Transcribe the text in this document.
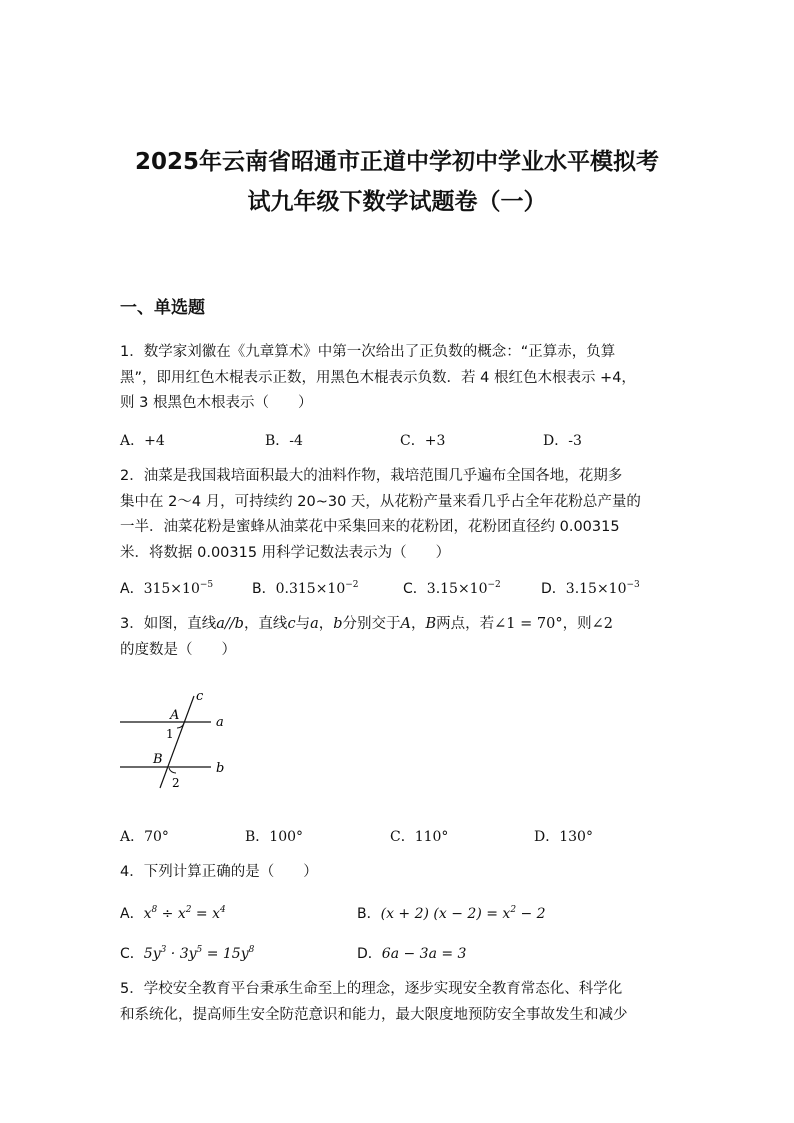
2025年云南省昭通市正道中学初中学业水平模拟考
试九年级下数学试题卷（一）
一、单选题
1．数学家刘徽在《九章算术》中第一次给出了正负数的概念：“正算赤，负算
黑”，即用红色木棍表示正数，用黑色木棍表示负数．若 4 根红色木根表示 +4，
则 3 根黑色木根表示（　　）
A．+4	B．-4	C．+3	D．-3
2．油菜是我国栽培面积最大的油料作物，栽培范围几乎遍布全国各地，花期多
集中在 2～4 月，可持续约 20~30 天，从花粉产量来看几乎占全年花粉总产量的
一半．油菜花粉是蜜蜂从油菜花中采集回来的花粉团，花粉团直径约 0.00315
米．将数据 0.00315 用科学记数法表示为（　　）
A．$315\times 10^{-5}$	B．$0.315\times 10^{-2}$	C．$3.15\times 10^{-2}$	D．$3.15\times 10^{-3}$
3．如图，直线a//b，直线c与a，b分别交于A，B两点，若∠1 = 70°，则∠2
的度数是（　　）
c
a
b
A
B
1
2
A．70°	B．100°	C．110°	D．130°
4．下列计算正确的是（　　）
A．$x^8 \div x^2 = x^4$	B．(x + 2) $(x - 2) = x^2 - 2$
C．$5y^3 \cdot 3y^5 = 15y^8$	D．6a − 3a = 3
5．学校安全教育平台秉承生命至上的理念，逐步实现安全教育常态化、科学化
和系统化，提高师生安全防范意识和能力，最大限度地预防安全事故发生和减少
